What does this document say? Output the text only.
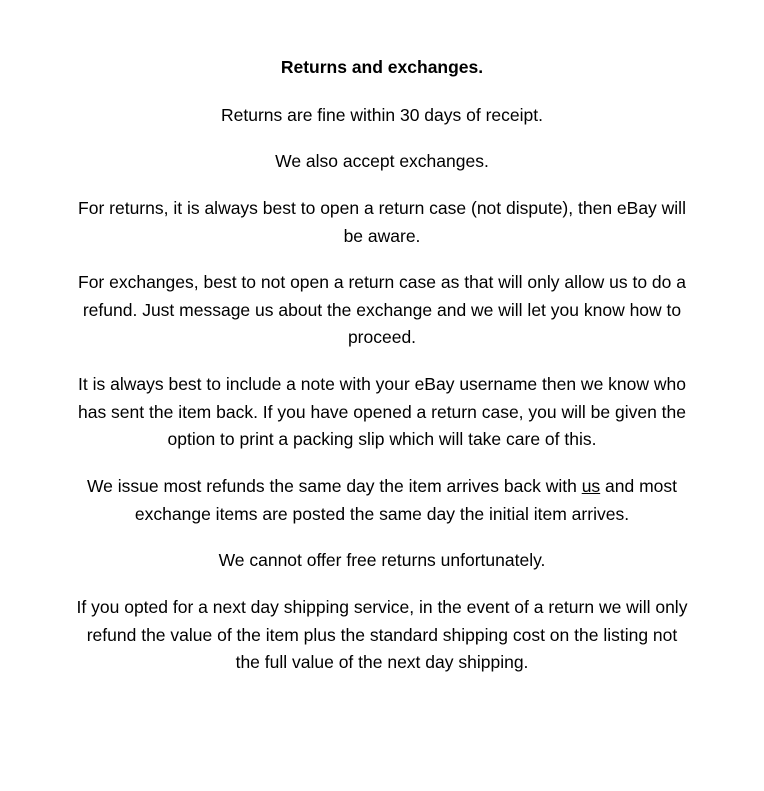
Returns and exchanges.

Returns are fine within 30 days of receipt.

We also accept exchanges.

For returns, it is always best to open a return case (not dispute), then eBay will be aware.

For exchanges, best to not open a return case as that will only allow us to do a refund. Just message us about the exchange and we will let you know how to proceed.

It is always best to include a note with your eBay username then we know who has sent the item back. If you have opened a return case, you will be given the option to print a packing slip which will take care of this.

We issue most refunds the same day the item arrives back with us and most exchange items are posted the same day the initial item arrives.

We cannot offer free returns unfortunately.

If you opted for a next day shipping service, in the event of a return we will only refund the value of the item plus the standard shipping cost on the listing not the full value of the next day shipping.
